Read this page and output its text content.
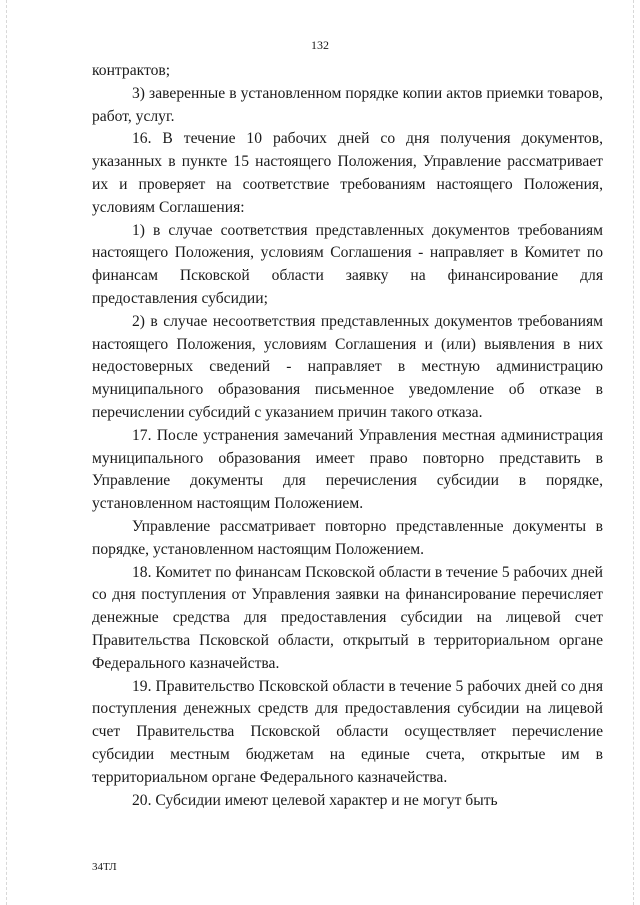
132

контрактов;

3) заверенные в установленном порядке копии актов приемки товаров, работ, услуг.

16. В течение 10 рабочих дней со дня получения документов, указанных в пункте 15 настоящего Положения, Управление рассматривает их и проверяет на соответствие требованиям настоящего Положения, условиям Соглашения:

1) в случае соответствия представленных документов требованиям настоящего Положения, условиям Соглашения - направляет в Комитет по финансам Псковской области заявку на финансирование для предоставления субсидии;

2) в случае несоответствия представленных документов требованиям настоящего Положения, условиям Соглашения и (или) выявления в них недостоверных сведений - направляет в местную администрацию муниципального образования письменное уведомление об отказе в перечислении субсидий с указанием причин такого отказа.

17. После устранения замечаний Управления местная администрация муниципального образования имеет право повторно представить в Управление документы для перечисления субсидии в порядке, установленном настоящим Положением.

Управление рассматривает повторно представленные документы в порядке, установленном настоящим Положением.

18. Комитет по финансам Псковской области в течение 5 рабочих дней со дня поступления от Управления заявки на финансирование перечисляет денежные средства для предоставления субсидии на лицевой счет Правительства Псковской области, открытый в территориальном органе Федерального казначейства.

19. Правительство Псковской области в течение 5 рабочих дней со дня поступления денежных средств для предоставления субсидии на лицевой счет Правительства Псковской области осуществляет перечисление субсидии местным бюджетам на единые счета, открытые им в территориальном органе Федерального казначейства.

20. Субсидии имеют целевой характер и не могут быть

34ТЛ
